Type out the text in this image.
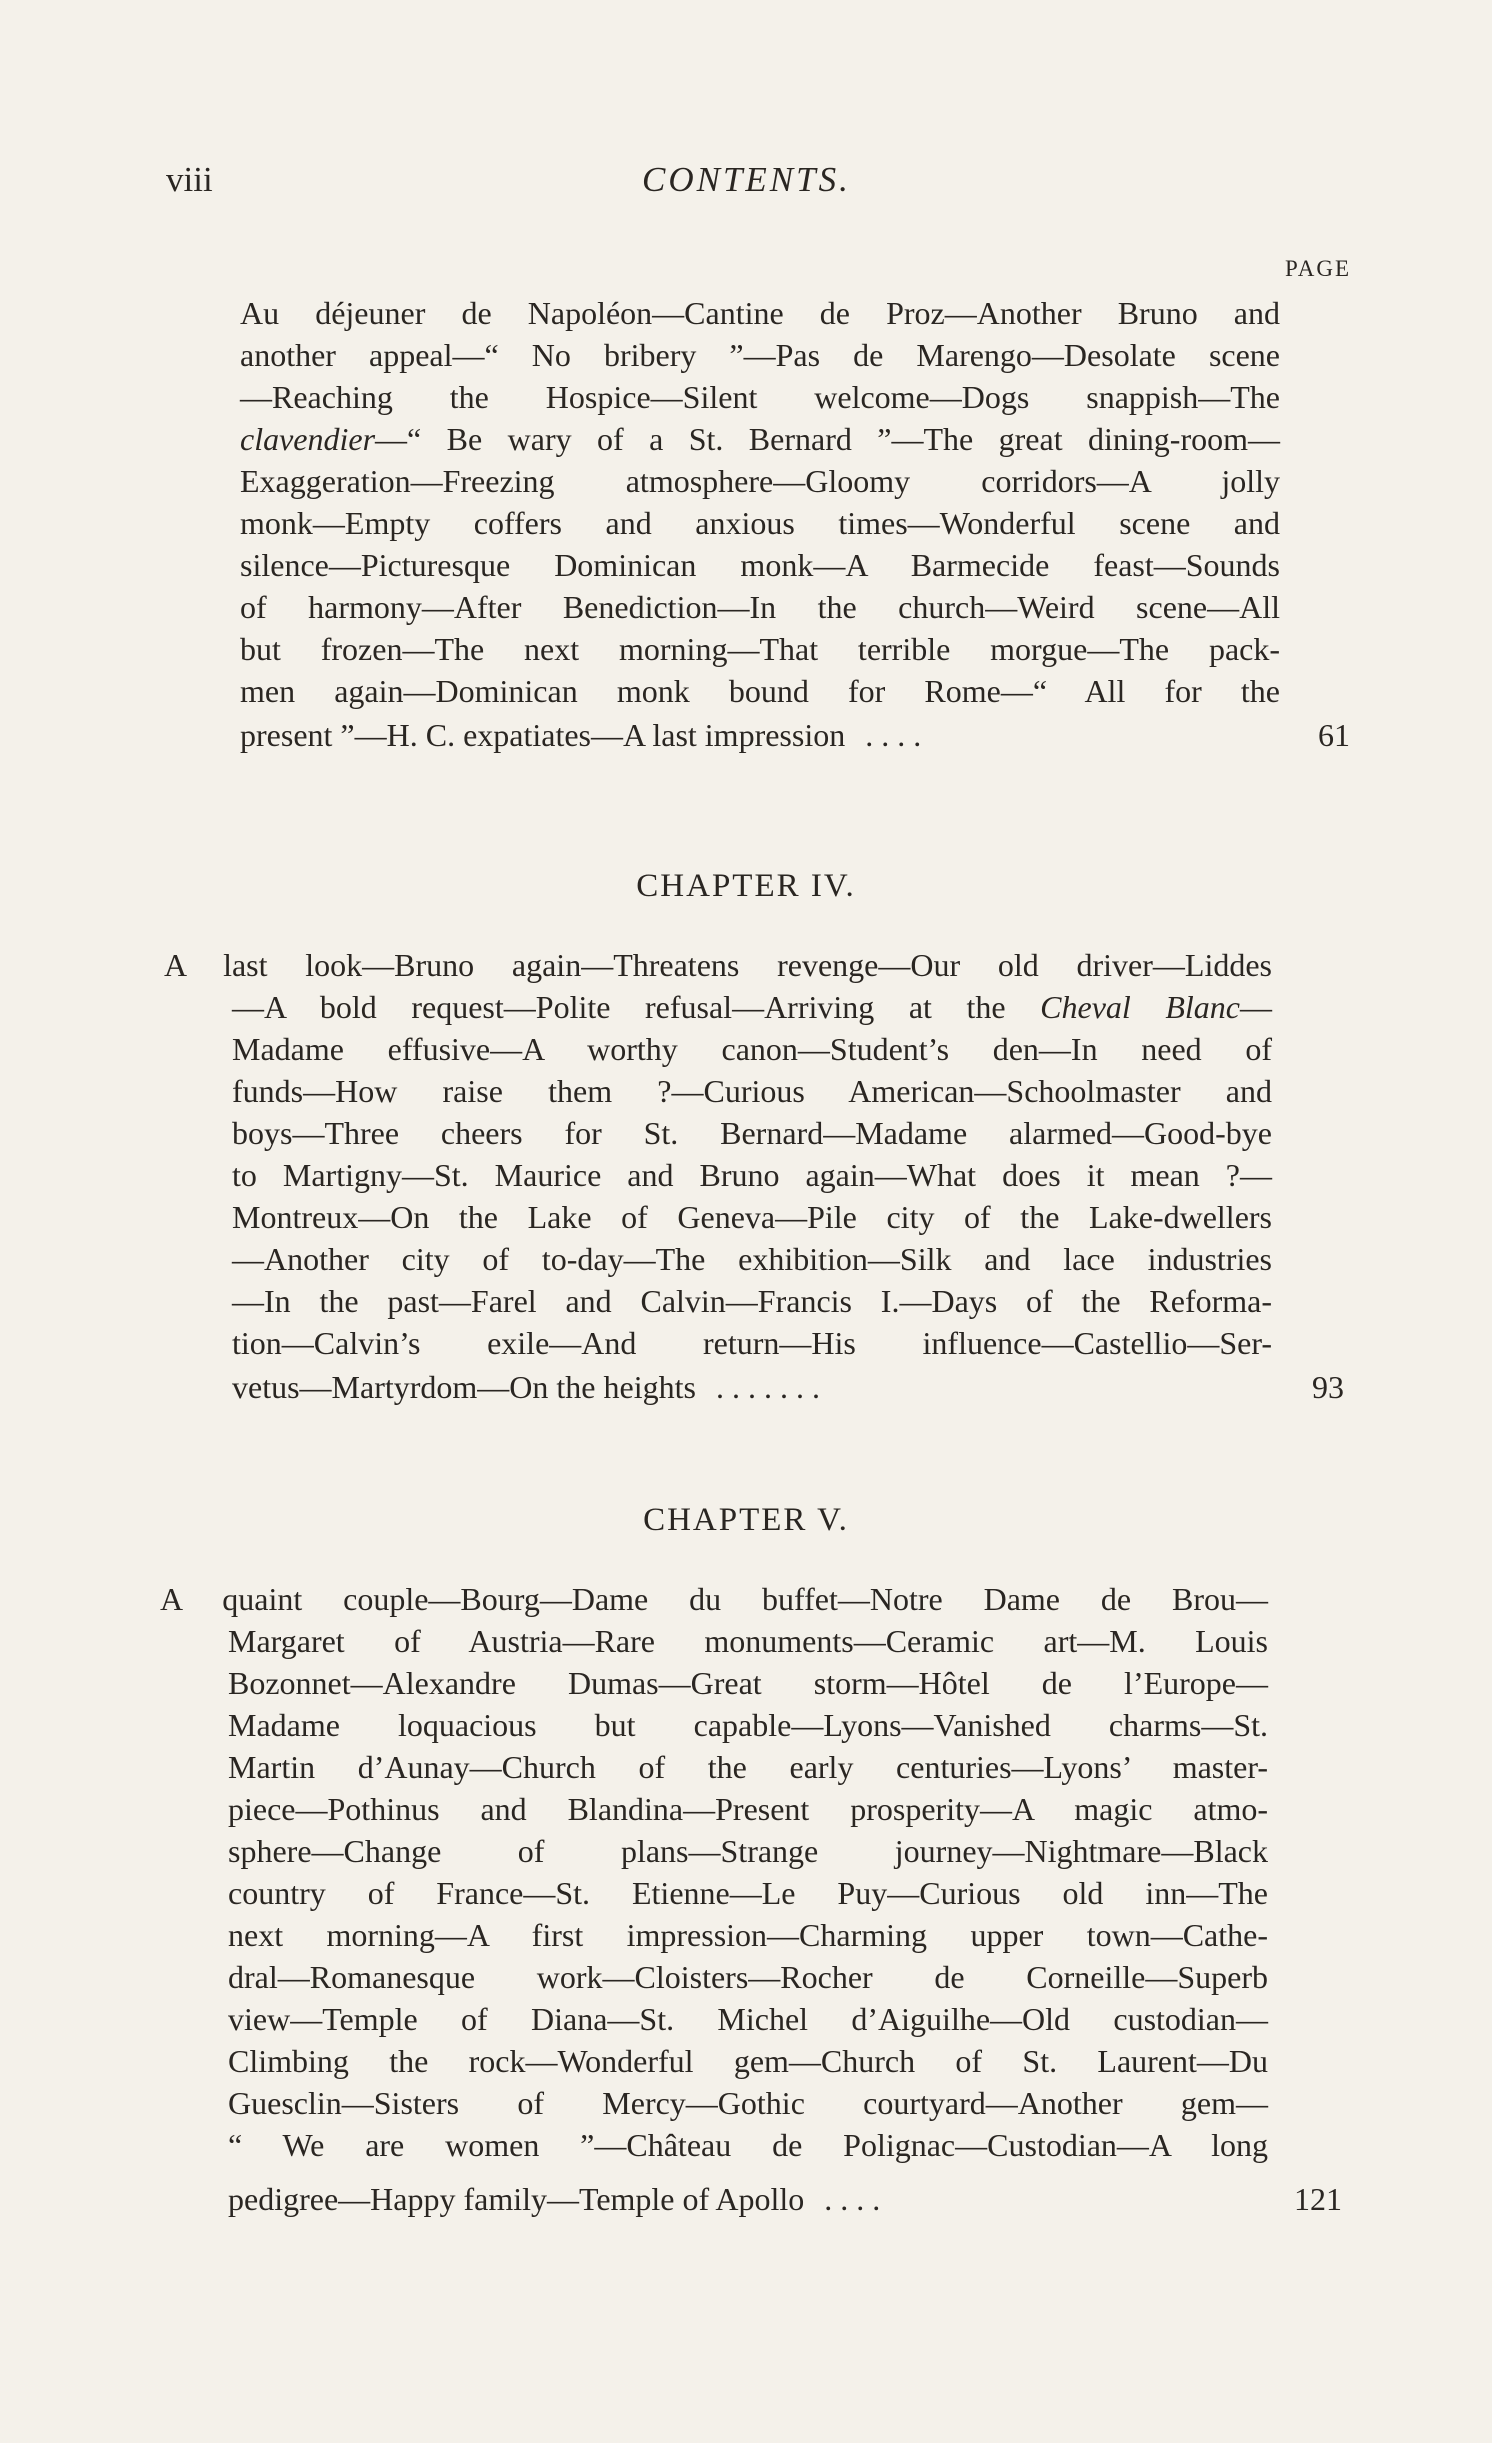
viii	CONTENTS.
PAGE
Au déjeuner de Napoléon—Cantine de Proz—Another Bruno and
another appeal—“ No bribery ”—Pas de Marengo—Desolate scene
—Reaching the Hospice—Silent welcome—Dogs snappish—The
clavendier—“ Be wary of a St. Bernard ”—The great dining-room—
Exaggeration—Freezing atmosphere—Gloomy corridors—A jolly
monk—Empty coffers and anxious times—Wonderful scene and
silence—Picturesque Dominican monk—A Barmecide feast—Sounds
of harmony—After Benediction—In the church—Weird scene—All
but frozen—The next morning—That terrible morgue—The pack-
men again—Dominican monk bound for Rome—“ All for the
present ”—H. C. expatiates—A last impression . . . .	61
CHAPTER IV.
A last look—Bruno again—Threatens revenge—Our old driver—Liddes
—A bold request—Polite refusal—Arriving at the Cheval Blanc—
Madame effusive—A worthy canon—Student’s den—In need of
funds—How raise them ?—Curious American—Schoolmaster and
boys—Three cheers for St. Bernard—Madame alarmed—Good-bye
to Martigny—St. Maurice and Bruno again—What does it mean ?—
Montreux—On the Lake of Geneva—Pile city of the Lake-dwellers
—Another city of to-day—The exhibition—Silk and lace industries
—In the past—Farel and Calvin—Francis I.—Days of the Reforma-
tion—Calvin’s exile—And return—His influence—Castellio—Ser-
vetus—Martyrdom—On the heights . . . . . . .	93
CHAPTER V.
A quaint couple—Bourg—Dame du buffet—Notre Dame de Brou—
Margaret of Austria—Rare monuments—Ceramic art—M. Louis
Bozonnet—Alexandre Dumas—Great storm—Hôtel de l’Europe—
Madame loquacious but capable—Lyons—Vanished charms—St.
Martin d’Aunay—Church of the early centuries—Lyons’ master-
piece—Pothinus and Blandina—Present prosperity—A magic atmo-
sphere—Change of plans—Strange journey—Nightmare—Black
country of France—St. Etienne—Le Puy—Curious old inn—The
next morning—A first impression—Charming upper town—Cathe-
dral—Romanesque work—Cloisters—Rocher de Corneille—Superb
view—Temple of Diana—St. Michel d’Aiguilhe—Old custodian—
Climbing the rock—Wonderful gem—Church of St. Laurent—Du
Guesclin—Sisters of Mercy—Gothic courtyard—Another gem—
“ We are women ”—Château de Polignac—Custodian—A long
pedigree—Happy family—Temple of Apollo . . . .	121
